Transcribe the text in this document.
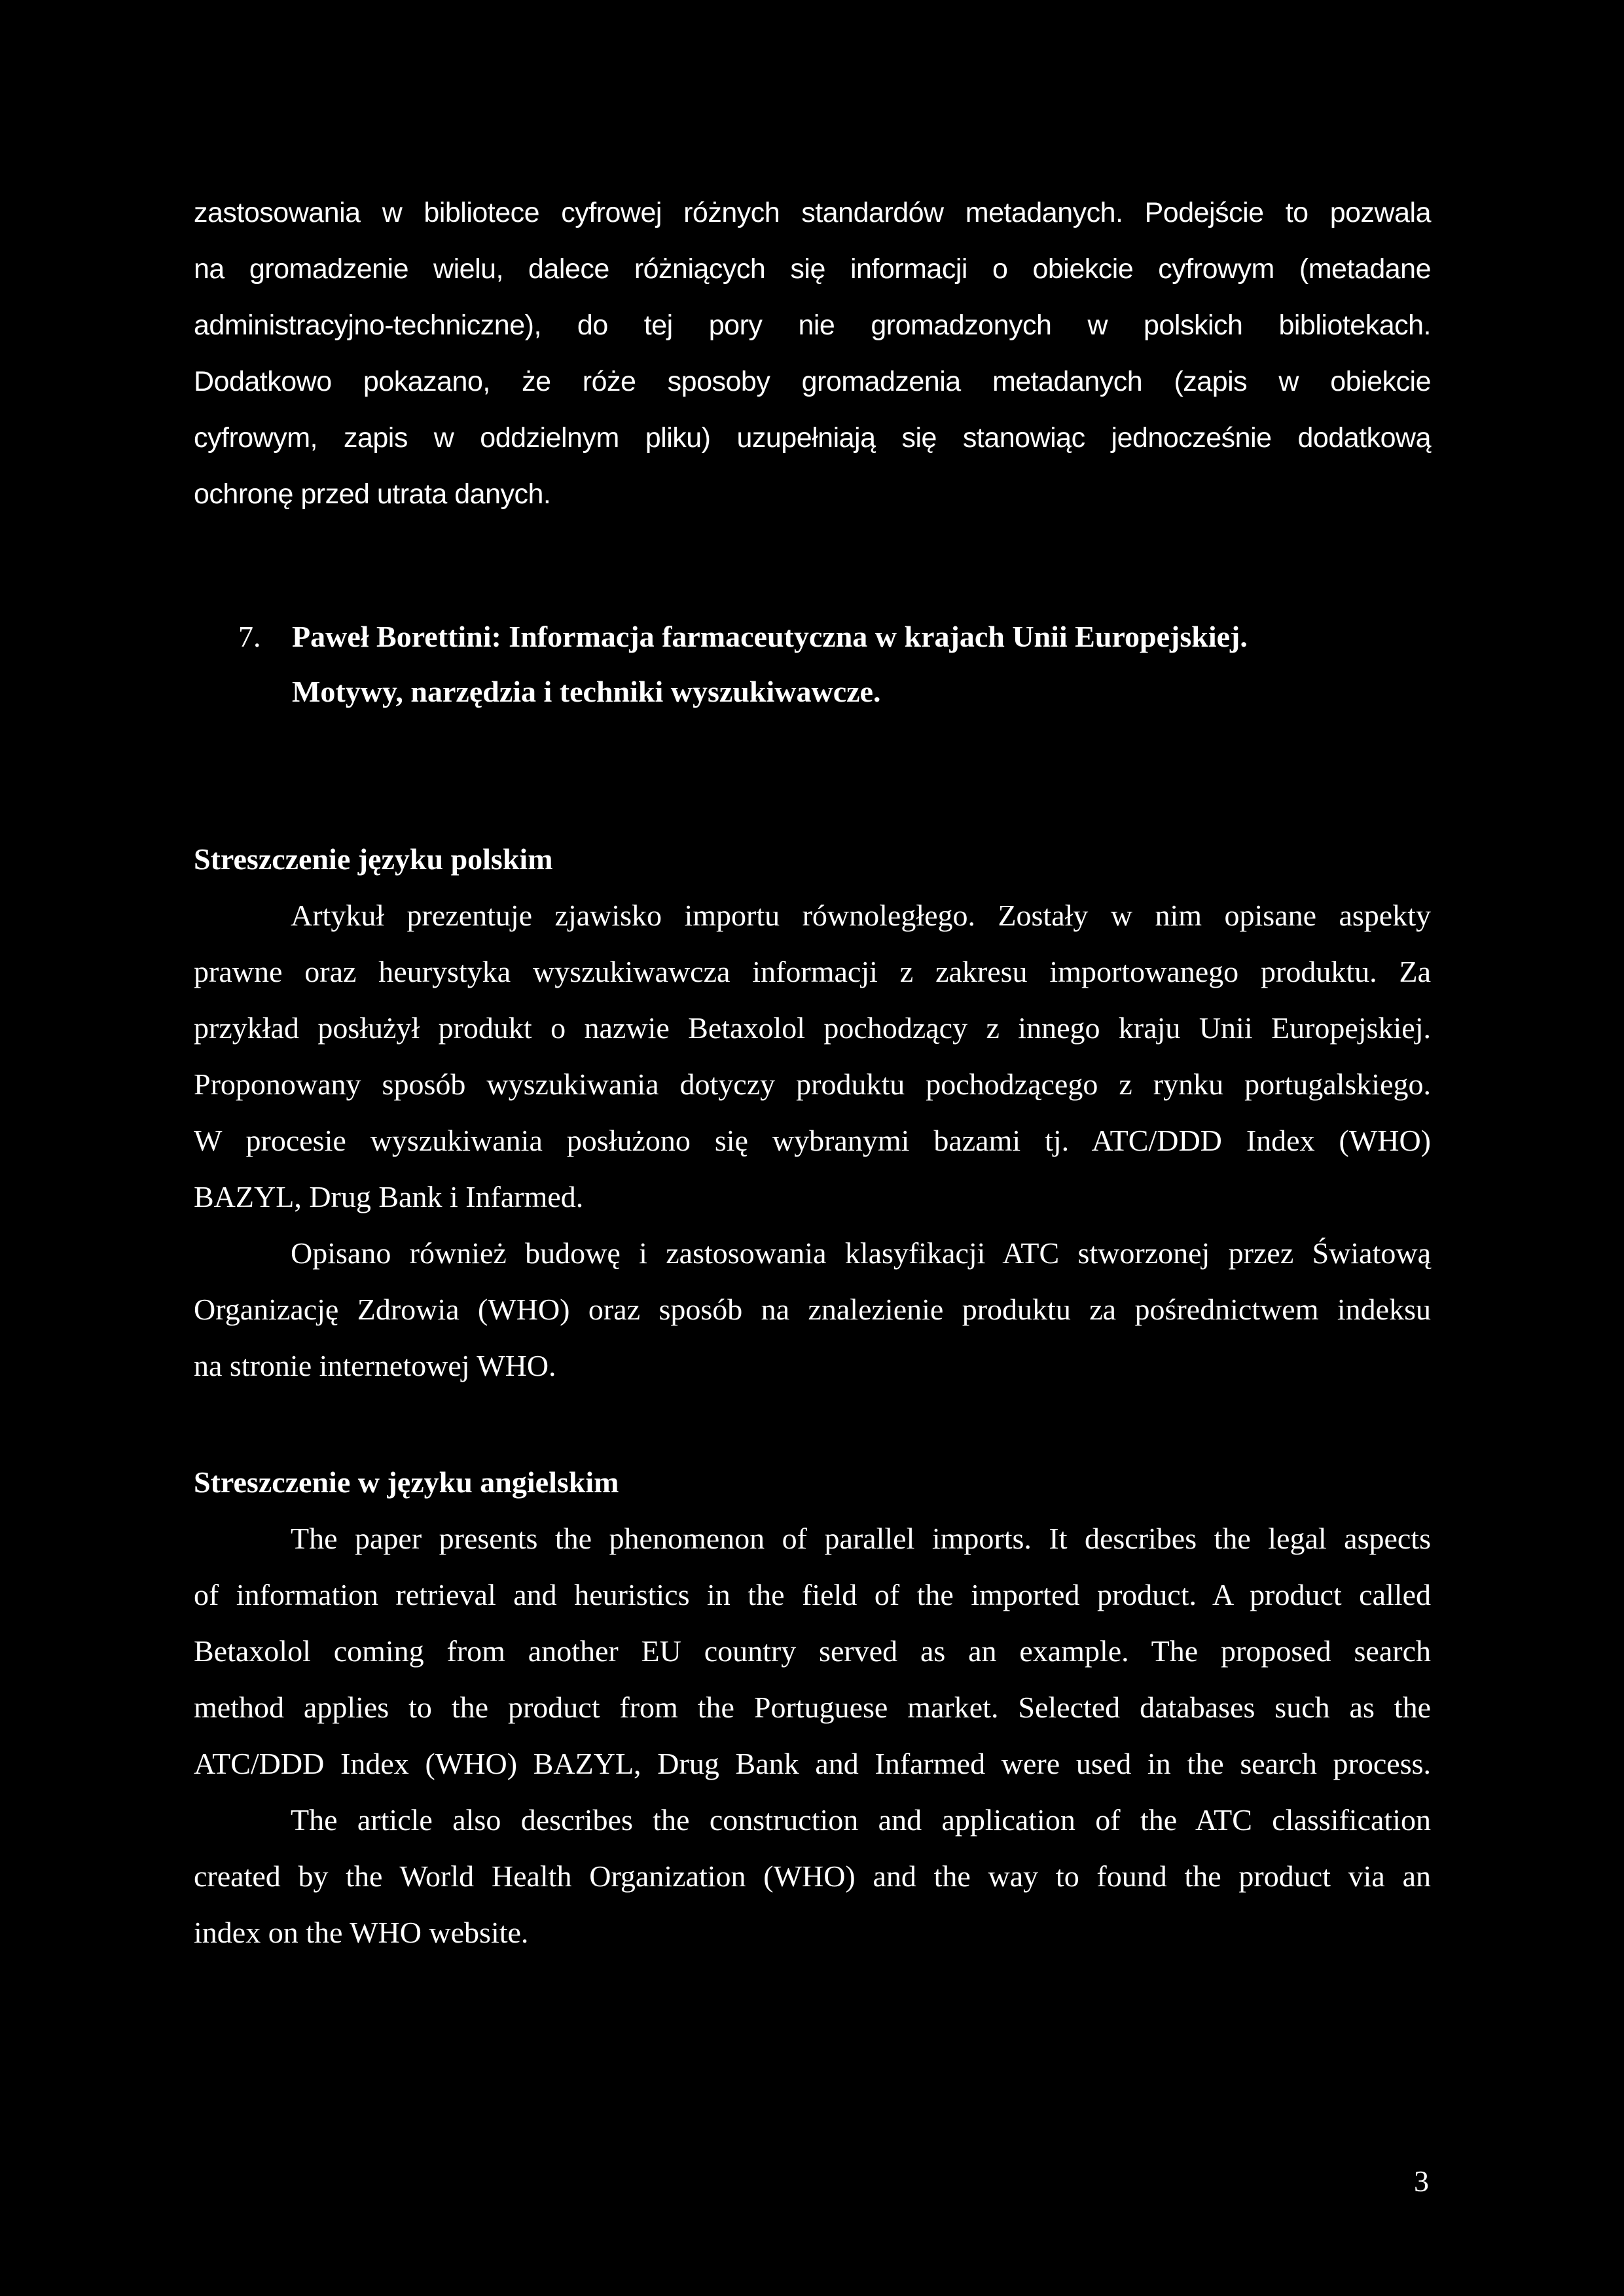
zastosowania w bibliotece cyfrowej różnych standardów metadanych. Podejście to pozwala
na gromadzenie wielu, dalece różniących się informacji o obiekcie cyfrowym (metadane
administracyjno-techniczne), do tej pory nie gromadzonych w polskich bibliotekach.
Dodatkowo pokazano, że róże sposoby gromadzenia metadanych (zapis w obiekcie
cyfrowym, zapis w oddzielnym pliku) uzupełniają się stanowiąc jednocześnie dodatkową
ochronę przed utrata danych.
7. Paweł Borettini: Informacja farmaceutyczna w krajach Unii Europejskiej.
Motywy, narzędzia i techniki wyszukiwawcze.
Streszczenie języku polskim
Artykuł prezentuje zjawisko importu równoległego. Zostały w nim opisane aspekty
prawne oraz heurystyka wyszukiwawcza informacji z zakresu importowanego produktu. Za
przykład posłużył produkt o nazwie Betaxolol pochodzący z innego kraju Unii Europejskiej.
Proponowany sposób wyszukiwania dotyczy produktu pochodzącego z rynku portugalskiego.
W procesie wyszukiwania posłużono się wybranymi bazami tj. ATC/DDD Index (WHO)
BAZYL, Drug Bank i Infarmed.
Opisano również budowę i zastosowania klasyfikacji ATC stworzonej przez Światową
Organizację Zdrowia (WHO) oraz sposób na znalezienie produktu za pośrednictwem indeksu
na stronie internetowej WHO.
Streszczenie w języku angielskim
The paper presents the phenomenon of parallel imports. It describes the legal aspects
of information retrieval and heuristics in the field of the imported product. A product called
Betaxolol coming from another EU country served as an example. The proposed search
method applies to the product from the Portuguese market. Selected databases such as the
ATC/DDD Index (WHO) BAZYL, Drug Bank and Infarmed were used in the search process.
The article also describes the construction and application of the ATC classification
created by the World Health Organization (WHO) and the way to found the product via an
index on the WHO website.
3
